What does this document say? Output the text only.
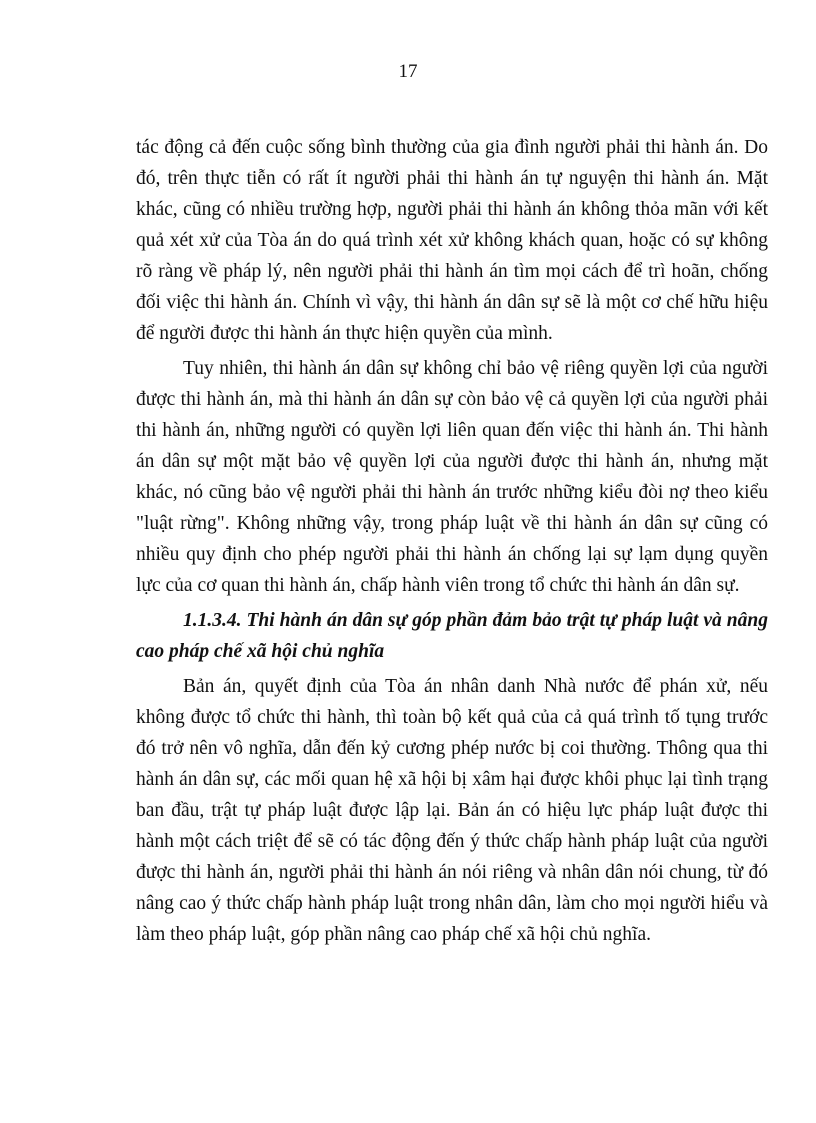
17

tác động cả đến cuộc sống bình thường của gia đình người phải thi hành án. Do đó, trên thực tiễn có rất ít người phải thi hành án tự nguyện thi hành án. Mặt khác, cũng có nhiều trường hợp, người phải thi hành án không thỏa mãn với kết quả xét xử của Tòa án do quá trình xét xử không khách quan, hoặc có sự không rõ ràng về pháp lý, nên người phải thi hành án tìm mọi cách để trì hoãn, chống đối việc thi hành án. Chính vì vậy, thi hành án dân sự sẽ là một cơ chế hữu hiệu để người được thi hành án thực hiện quyền của mình.

Tuy nhiên, thi hành án dân sự không chỉ bảo vệ riêng quyền lợi của người được thi hành án, mà thi hành án dân sự còn bảo vệ cả quyền lợi của người phải thi hành án, những người có quyền lợi liên quan đến việc thi hành án. Thi hành án dân sự một mặt bảo vệ quyền lợi của người được thi hành án, nhưng mặt khác, nó cũng bảo vệ người phải thi hành án trước những kiểu đòi nợ theo kiểu "luật rừng". Không những vậy, trong pháp luật về thi hành án dân sự cũng có nhiều quy định cho phép người phải thi hành án chống lại sự lạm dụng quyền lực của cơ quan thi hành án, chấp hành viên trong tổ chức thi hành án dân sự.

1.1.3.4. Thi hành án dân sự góp phần đảm bảo trật tự pháp luật và nâng cao pháp chế xã hội chủ nghĩa

Bản án, quyết định của Tòa án nhân danh Nhà nước để phán xử, nếu không được tổ chức thi hành, thì toàn bộ kết quả của cả quá trình tố tụng trước đó trở nên vô nghĩa, dẫn đến kỷ cương phép nước bị coi thường. Thông qua thi hành án dân sự, các mối quan hệ xã hội bị xâm hại được khôi phục lại tình trạng ban đầu, trật tự pháp luật được lập lại. Bản án có hiệu lực pháp luật được thi hành một cách triệt để sẽ có tác động đến ý thức chấp hành pháp luật của người được thi hành án, người phải thi hành án nói riêng và nhân dân nói chung, từ đó nâng cao ý thức chấp hành pháp luật trong nhân dân, làm cho mọi người hiểu và làm theo pháp luật, góp phần nâng cao pháp chế xã hội chủ nghĩa.
